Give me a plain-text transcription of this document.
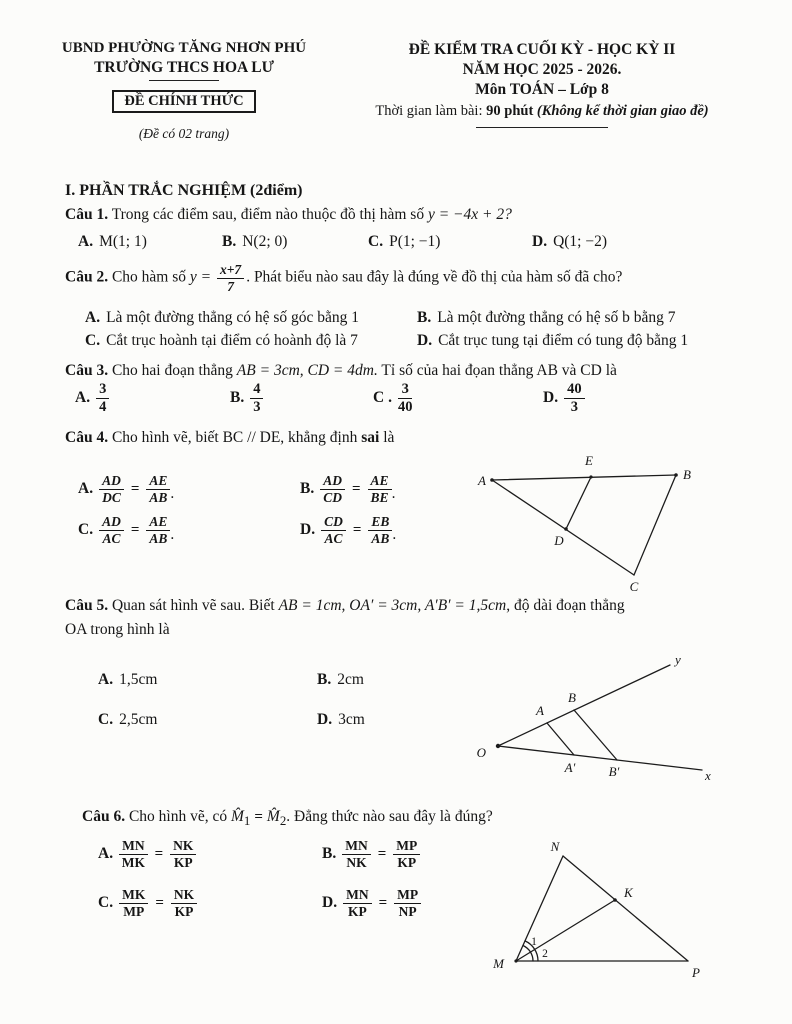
UBND PHƯỜNG TĂNG NHƠN PHÚ
TRƯỜNG THCS HOA LƯ
ĐỀ CHÍNH THỨC
(Đề có 02 trang)
ĐỀ KIỂM TRA CUỐI KỲ - HỌC KỲ II
NĂM HỌC 2025 - 2026.
Môn TOÁN – Lớp 8
Thời gian làm bài: 90 phút (Không kể thời gian giao đề)
I. PHẦN TRẮC NGHIỆM (2điểm)
Câu 1. Trong các điểm sau, điểm nào thuộc đồ thị hàm số y = −4x + 2?
A. M(1; 1)	B. N(2; 0)	C. P(1; −1)	D. Q(1; −2)
Câu 2. Cho hàm số $y = \frac{x+7}{7}$ . Phát biểu nào sau đây là đúng về đồ thị của hàm số đã cho?
A. Là một đường thẳng có hệ số góc bằng 1	B. Là một đường thẳng có hệ số b bằng 7
C. Cắt trục hoành tại điểm có hoành độ là 7	D. Cắt trục tung tại điểm có tung độ bằng 1
Câu 3. Cho hai đoạn thẳng AB = 3cm, CD = 4dm. Tỉ số của hai đọan thẳng AB và CD là
A. $\frac{3}{4}$	B. $\frac{4}{3}$	C . $\frac{3}{40}$	D. $\frac{40}{3}$
Câu 4. Cho hình vẽ, biết BC // DE, khẳng định sai là
A. $\frac{AD}{DC} = \frac{AE}{AB}$ .	B. $\frac{AD}{CD} = \frac{AE}{BE}$ .
C. $\frac{AD}{AC} = \frac{AE}{AB}$ .	D. $\frac{CD}{AC} = \frac{EB}{AB}$ .
A
E
B
D
C
Câu 5. Quan sát hình vẽ sau. Biết AB = 1cm, OA′ = 3cm, A′B′ = 1,5cm, độ dài đoạn thẳng
OA trong hình là
A. 1,5cm	B. 2cm
C. 2,5cm	D. 3cm
O
A
B
A′	B′
y
x
Câu 6. Cho hình vẽ, có $M̂_1$ = $M̂_2$. Đẳng thức nào sau đây là đúng?
A. $\frac{MN}{MK} = \frac{NK}{KP}$	B. $\frac{MN}{NK} = \frac{MP}{KP}$
C. $\frac{MK}{MP} = \frac{NK}{KP}$	D. $\frac{MN}{KP} = \frac{MP}{NP}$
N
K
M
P
1
2
